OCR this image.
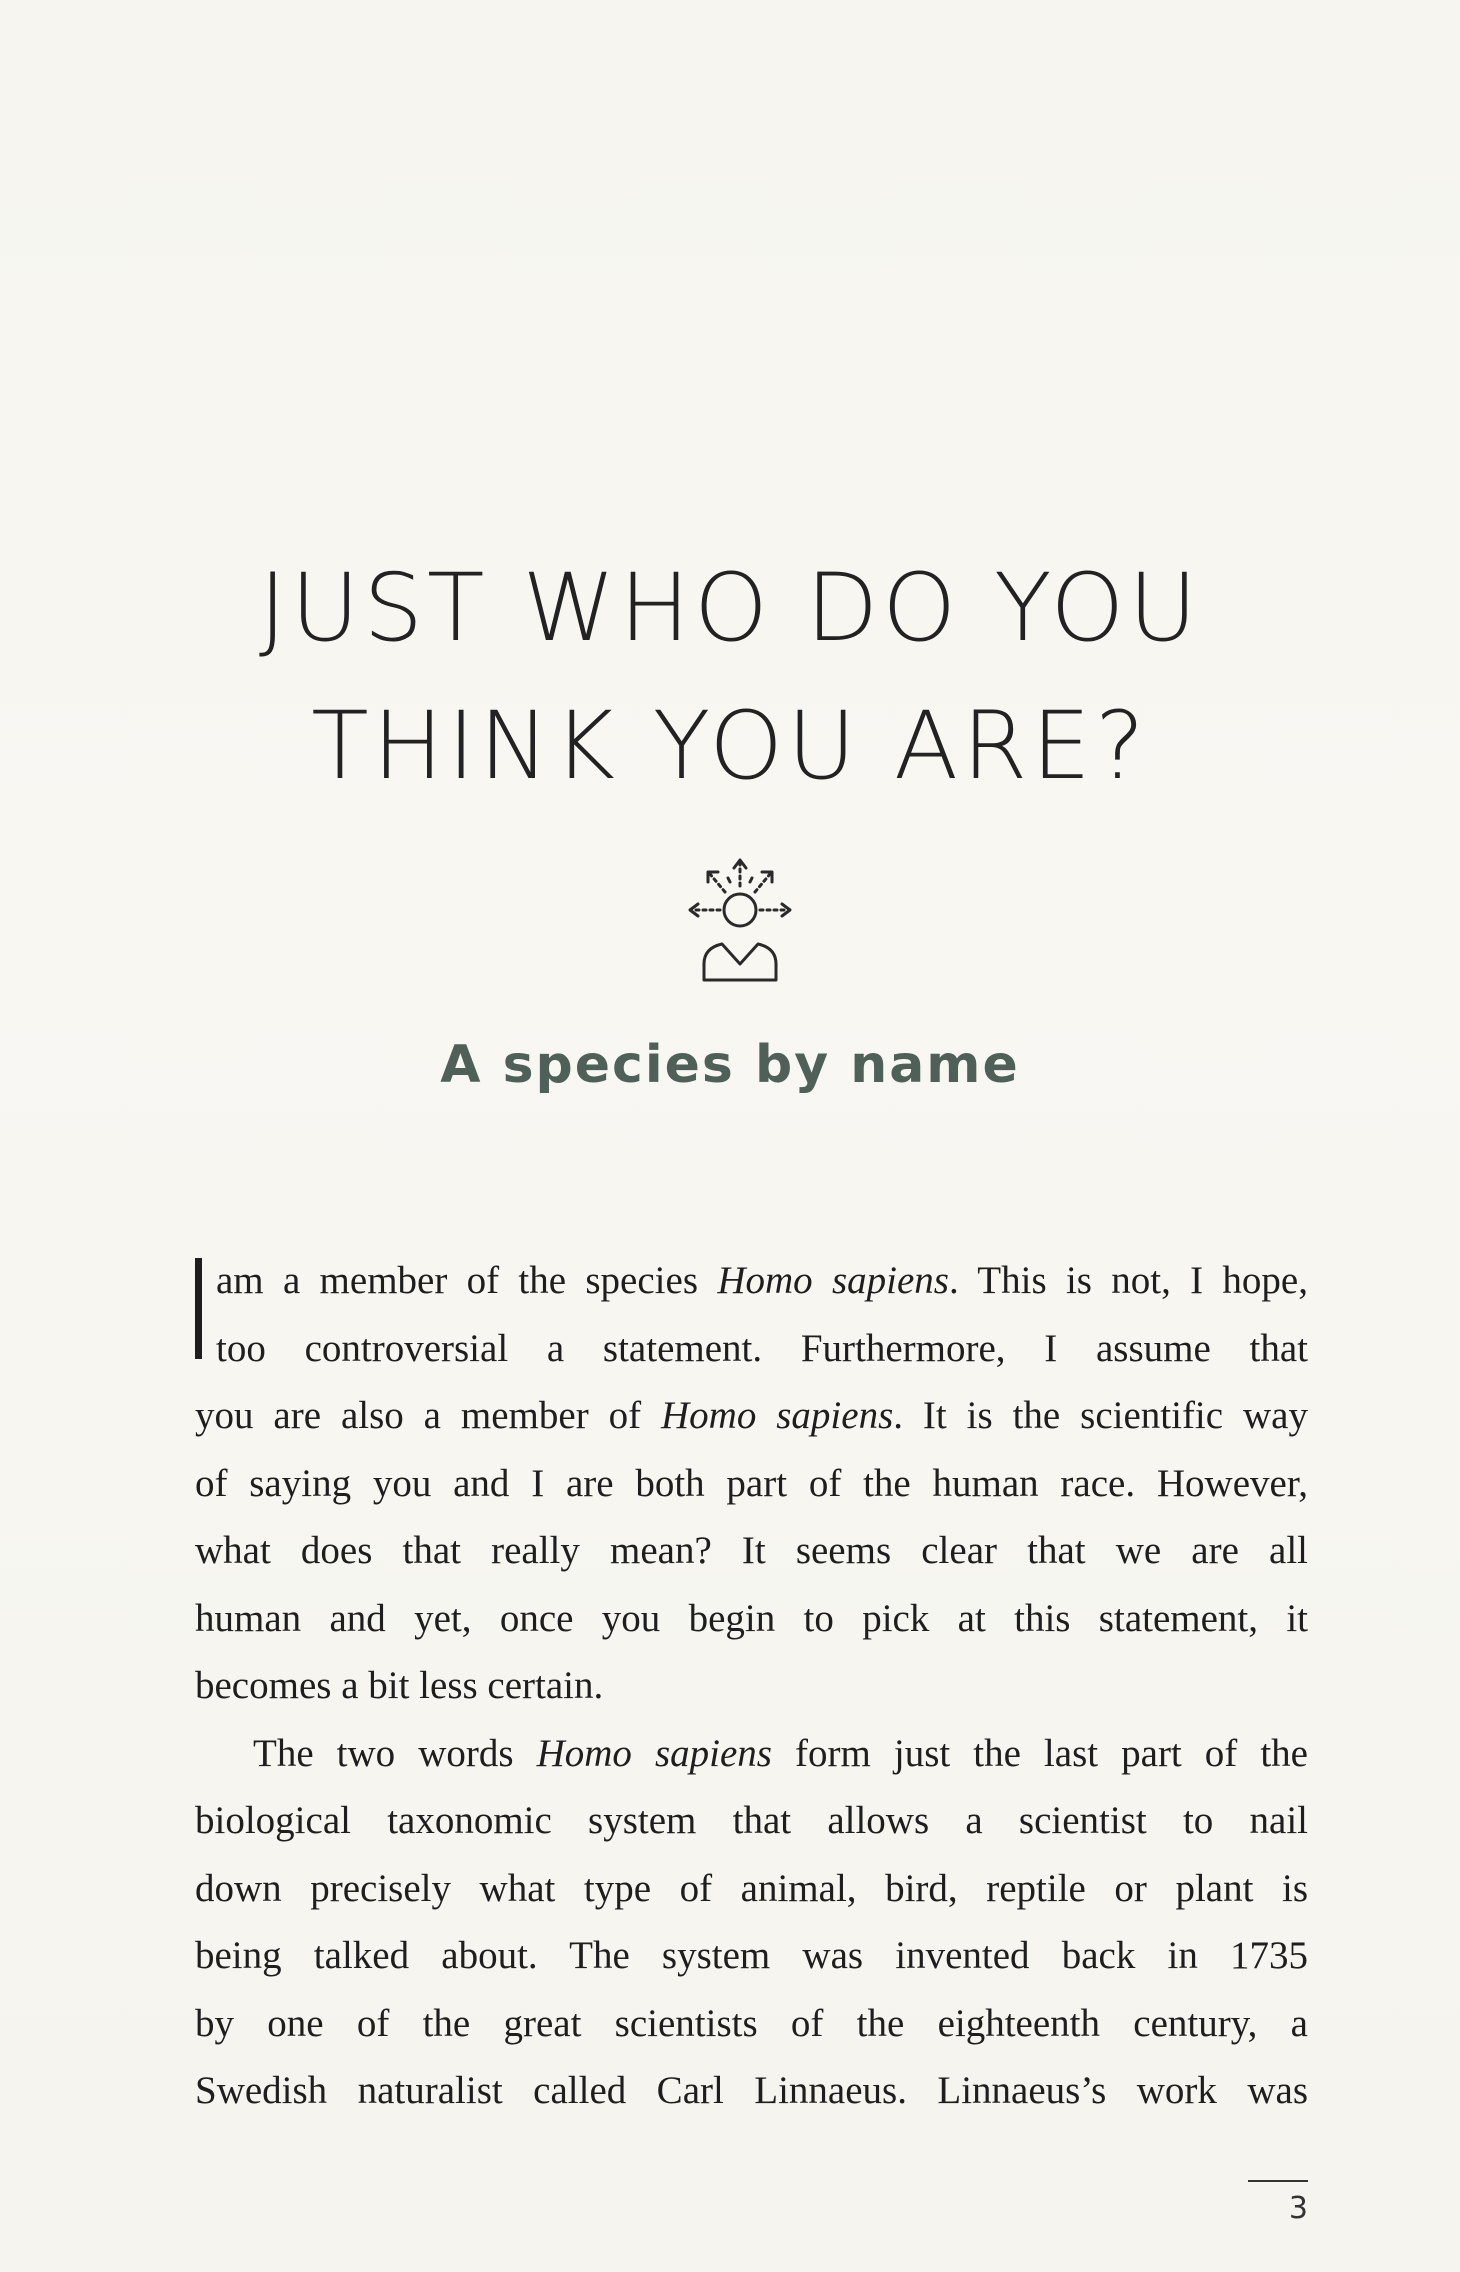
JUST WHO DO YOU
THINK YOU ARE?
A species by name

am a member of the species Homo sapiens. This is not, I hope,
too controversial a statement. Furthermore, I assume that
you are also a member of Homo sapiens. It is the scientific way
of saying you and I are both part of the human race. However,
what does that really mean? It seems clear that we are all
human and yet, once you begin to pick at this statement, it
becomes a bit less certain.

The two words Homo sapiens form just the last part of the
biological taxonomic system that allows a scientist to nail
down precisely what type of animal, bird, reptile or plant is
being talked about. The system was invented back in 1735
by one of the great scientists of the eighteenth century, a
Swedish naturalist called Carl Linnaeus. Linnaeus’s work was

3
